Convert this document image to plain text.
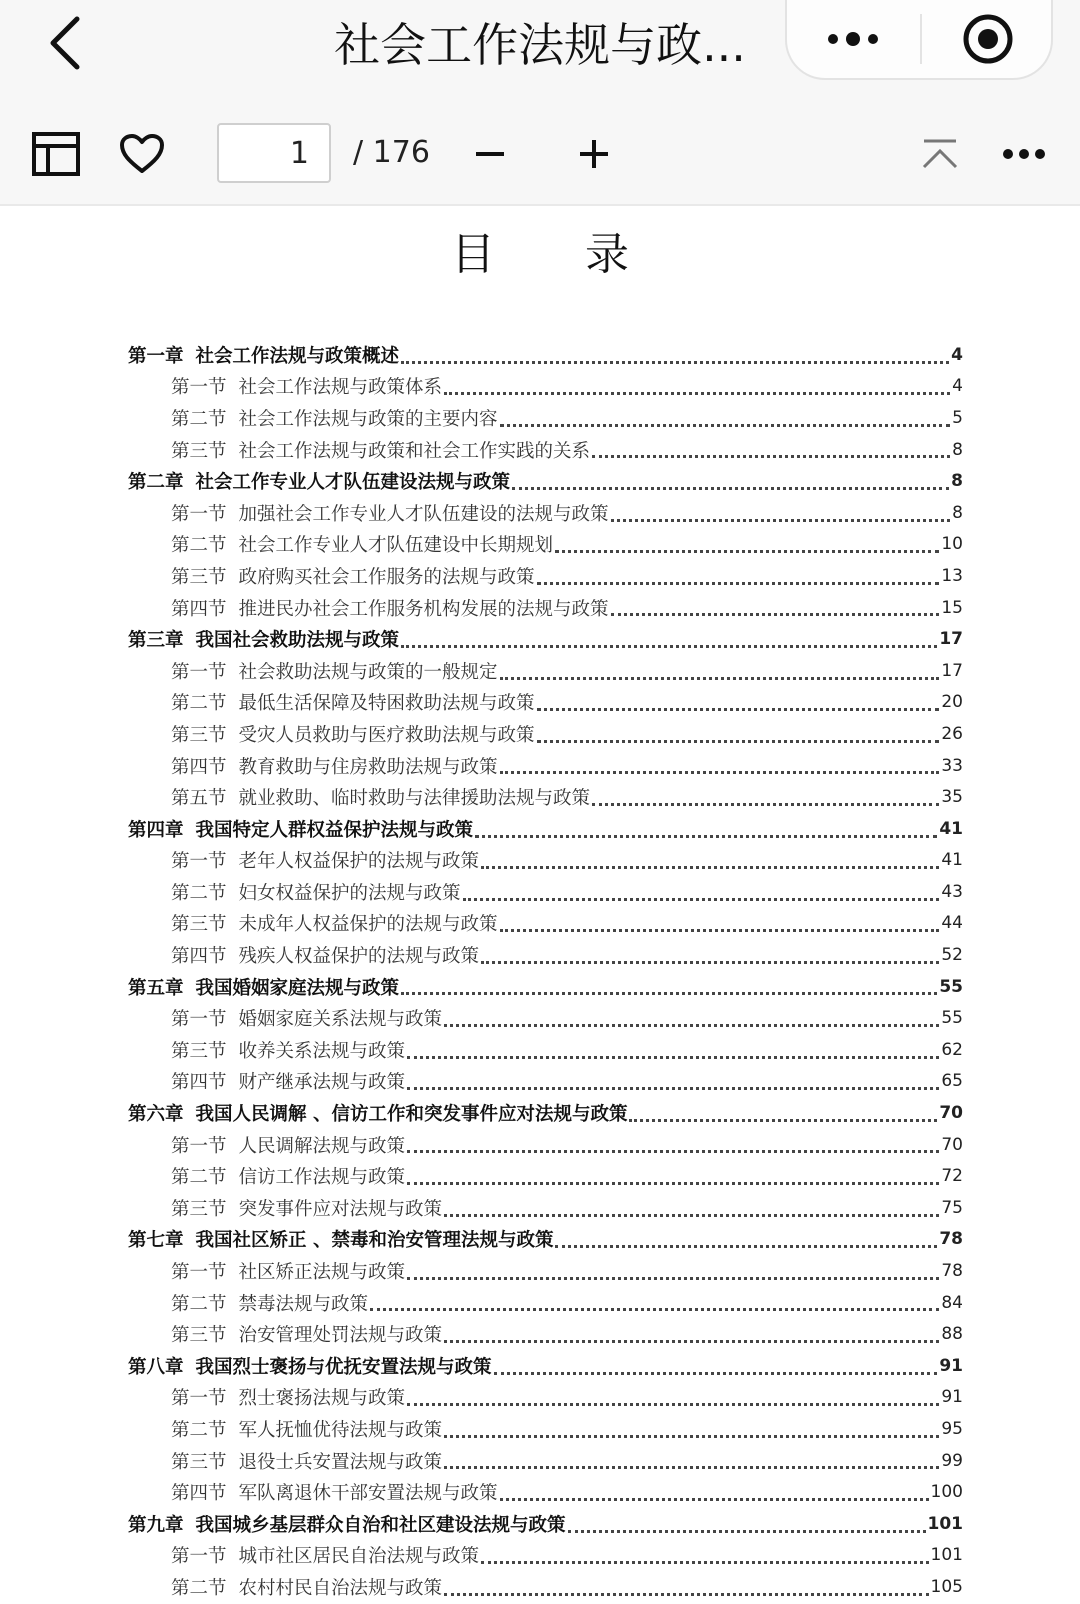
社会工作法规与政...
1
/ 176
目 录
第一章 社会工作法规与政策概述	4
第一节 社会工作法规与政策体系	4
第二节 社会工作法规与政策的主要内容	5
第三节 社会工作法规与政策和社会工作实践的关系	8
第二章 社会工作专业人才队伍建设法规与政策	8
第一节 加强社会工作专业人才队伍建设的法规与政策	8
第二节 社会工作专业人才队伍建设中长期规划	10
第三节 政府购买社会工作服务的法规与政策	13
第四节 推进民办社会工作服务机构发展的法规与政策	15
第三章 我国社会救助法规与政策	17
第一节 社会救助法规与政策的一般规定	17
第二节 最低生活保障及特困救助法规与政策	20
第三节 受灾人员救助与医疗救助法规与政策	26
第四节 教育救助与住房救助法规与政策	33
第五节 就业救助、临时救助与法律援助法规与政策	35
第四章 我国特定人群权益保护法规与政策	41
第一节 老年人权益保护的法规与政策	41
第二节 妇女权益保护的法规与政策	43
第三节 未成年人权益保护的法规与政策	44
第四节 残疾人权益保护的法规与政策	52
第五章 我国婚姻家庭法规与政策	55
第一节 婚姻家庭关系法规与政策	55
第三节 收养关系法规与政策	62
第四节 财产继承法规与政策	65
第六章 我国人民调解 、信访工作和突发事件应对法规与政策	70
第一节 人民调解法规与政策	70
第二节 信访工作法规与政策	72
第三节 突发事件应对法规与政策	75
第七章 我国社区矫正 、禁毒和治安管理法规与政策	78
第一节 社区矫正法规与政策	78
第二节 禁毒法规与政策	84
第三节 治安管理处罚法规与政策	88
第八章 我国烈士褒扬与优抚安置法规与政策	91
第一节 烈士褒扬法规与政策	91
第二节 军人抚恤优待法规与政策	95
第三节 退役士兵安置法规与政策	99
第四节 军队离退休干部安置法规与政策	100
第九章 我国城乡基层群众自治和社区建设法规与政策	101
第一节 城市社区居民自治法规与政策	101
第二节 农村村民自治法规与政策	105
